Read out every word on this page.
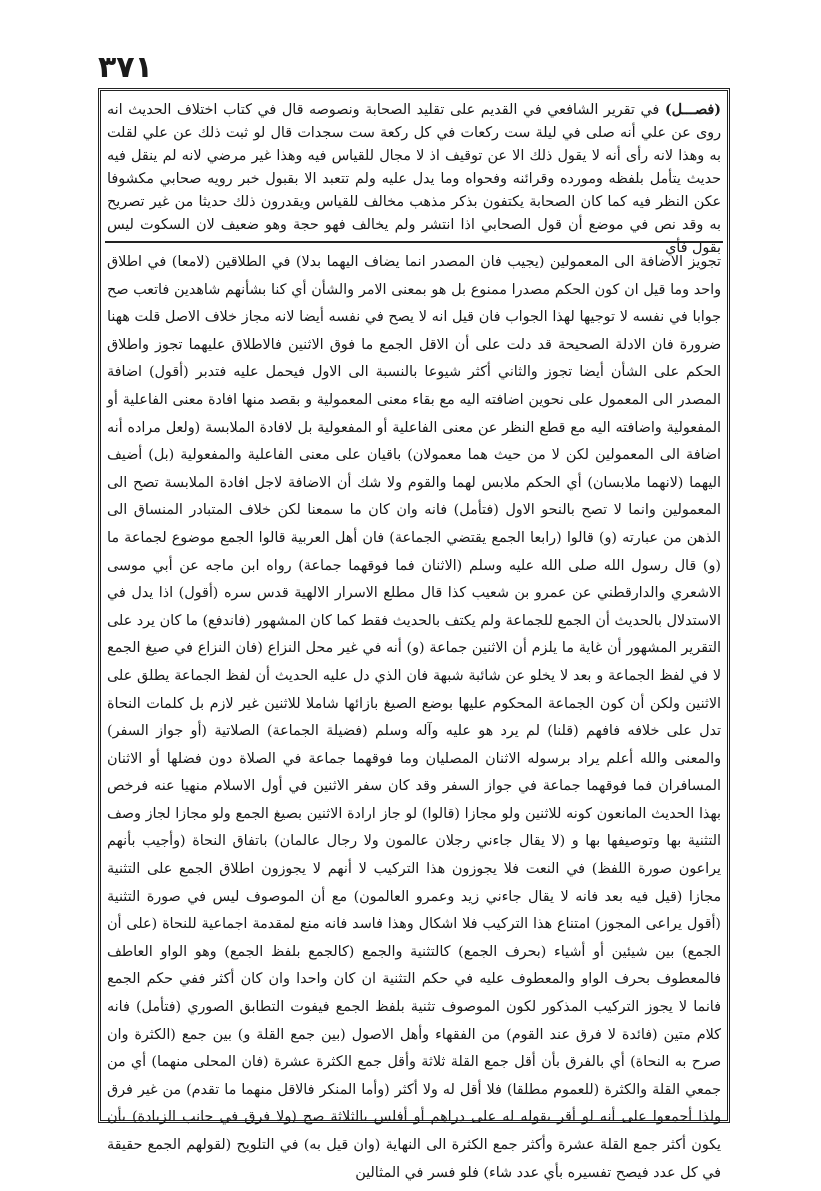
٣٧١

(فصـــل) في تقرير الشافعي في القديم على تقليد الصحابة ونصوصه قال في كتاب اختلاف الحديث انه روى عن علي أنه صلى في ليلة ست ركعات في كل ركعة ست سجدات قال لو ثبت ذلك عن علي لقلت به وهذا لانه رأى أنه لا يقول ذلك الا عن توقيف اذ لا مجال للقياس فيه وهذا غير مرضي لانه لم ينقل فيه حديث يتأمل بلفظه ومورده وقرائنه وفحواه وما يدل عليه ولم تتعبد الا بقبول خبر رويه صحابي مكشوفا عكن النظر فيه كما كان الصحابة يكتفون بذكر مذهب مخالف للقياس ويقدرون ذلك حديثا من غير تصريح به وقد نص في موضع أن قول الصحابي اذا انتشر ولم يخالف فهو حجة وهو ضعيف لان السكوت ليس بقول فأي

تجويز الاضافة الى المعمولين (يجيب فان المصدر انما يضاف اليهما بدلا) في الطلاقين (لامعا) في اطلاق واحد وما قيل ان كون الحكم مصدرا ممنوع بل هو بمعنى الامر والشأن أي كنا بشأنهم شاهدين فاتعب صح جوابا في نفسه لا توجيها لهذا الجواب فان قيل انه لا يصح في نفسه أيضا لانه مجاز خلاف الاصل قلت ههنا ضرورة فان الادلة الصحيحة قد دلت على أن الاقل الجمع ما فوق الاثنين فالاطلاق عليهما تجوز واطلاق الحكم على الشأن أيضا تجوز والثاني أكثر شيوعا بالنسبة الى الاول فيحمل عليه فتدبر (أقول) اضافة المصدر الى المعمول على نحوين اضافته اليه مع بقاء معنى المعمولية و بقصد منها افادة معنى الفاعلية أو المفعولية واضافته اليه مع قطع النظر عن معنى الفاعلية أو المفعولية بل لافادة الملابسة (ولعل مراده أنه اضافة الى المعمولين لكن لا من حيث هما معمولان) باقيان على معنى الفاعلية والمفعولية (بل) أضيف اليهما (لانهما ملابسان) أي الحكم ملابس لهما والقوم ولا شك أن الاضافة لاجل افادة الملابسة تصح الى المعمولين وانما لا تصح بالنحو الاول (فتأمل) فانه وان كان ما سمعنا لكن خلاف المتبادر المنساق الى الذهن من عبارته (و) قالوا (رابعا الجمع يقتضي الجماعة) فان أهل العربية قالوا الجمع موضوع لجماعة ما (و) قال رسول الله صلى الله عليه وسلم (الاثنان فما فوقهما جماعة) رواه ابن ماجه عن أبي موسى الاشعري والدارقطني عن عمرو بن شعيب كذا قال مطلع الاسرار الالهية قدس سره (أقول) اذا يدل في الاستدلال بالحديث أن الجمع للجماعة ولم يكتف بالحديث فقط كما كان المشهور (فاندفع) ما كان يرد على التقرير المشهور أن غاية ما يلزم أن الاثنين جماعة (و) أنه في غير محل النزاع (فان النزاع في صيغ الجمع لا في لفظ الجماعة و بعد لا يخلو عن شائبة شبهة فان الذي دل عليه الحديث أن لفظ الجماعة يطلق على الاثنين ولكن أن كون الجماعة المحكوم عليها بوضع الصيغ بازائها شاملا للاثنين غير لازم بل كلمات النحاة تدل على خلافه فافهم (قلنا) لم يرد هو عليه وآله وسلم (فضيلة الجماعة) الصلاتية (أو جواز السفر) والمعنى والله أعلم يراد برسوله الاثنان المصليان وما فوقهما جماعة في الصلاة دون فضلها أو الاثنان المسافران فما فوقهما جماعة في جواز السفر وقد كان سفر الاثنين في أول الاسلام منهيا عنه فرخص بهذا الحديث المانعون كونه للاثنين ولو مجازا (قالوا) لو جاز ارادة الاثنين بصيغ الجمع ولو مجازا لجاز وصف التثنية بها وتوصيفها بها و (لا يقال جاءني رجلان عالمون ولا رجال عالمان) باتفاق النحاة (وأجيب بأنهم يراعون صورة اللفظ) في النعت فلا يجوزون هذا التركيب لا أنهم لا يجوزون اطلاق الجمع على التثنية مجازا (قيل فيه بعد فانه لا يقال جاءني زيد وعمرو العالمون) مع أن الموصوف ليس في صورة التثنية (أقول يراعى المجوز) امتناع هذا التركيب فلا اشكال وهذا فاسد فانه منع لمقدمة اجماعية للنحاة (على أن الجمع) بين شيئين أو أشياء (بحرف الجمع) كالتثنية والجمع (كالجمع بلفظ الجمع) وهو الواو العاطف فالمعطوف بحرف الواو والمعطوف عليه في حكم التثنية ان كان واحدا وان كان أكثر ففي حكم الجمع فانما لا يجوز التركيب المذكور لكون الموصوف تثنية بلفظ الجمع فيفوت التطابق الصوري (فتأمل) فانه كلام متين (فائدة لا فرق عند القوم) من الفقهاء وأهل الاصول (بين جمع القلة و) بين جمع (الكثرة وان صرح به النحاة) أي بالفرق بأن أقل جمع القلة ثلاثة وأقل جمع الكثرة عشرة (فان المحلى منهما) أي من جمعي القلة والكثرة (للعموم مطلقا) فلا أقل له ولا أكثر (وأما المنكر فالاقل منهما ما تقدم) من غير فرق ولذا أجمعوا على أنه لو أقر بقوله له على دراهم أو أفلس بالثلاثة صح (ولا فرق في جانب الزيادة) بأن يكون أكثر جمع القلة عشرة وأكثر جمع الكثرة الى النهاية (وان قيل به) في التلويح (لقولهم الجمع حقيقة في كل عدد فيصح تفسيره بأي عدد شاء) فلو فسر في المثالين
